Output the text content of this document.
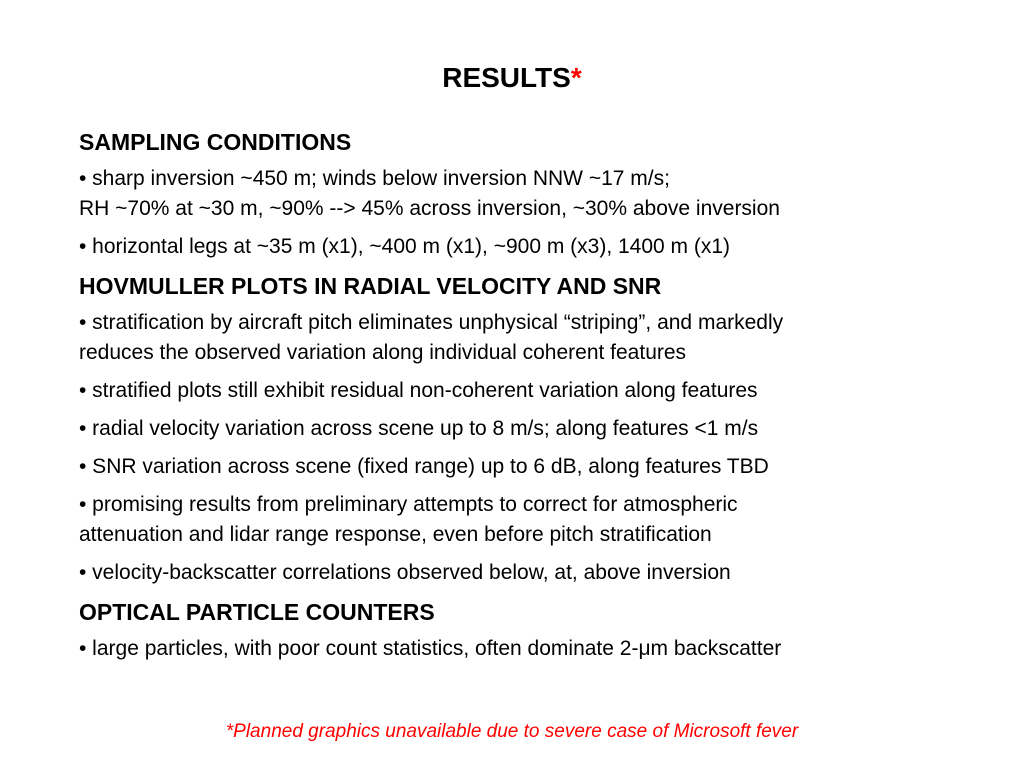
RESULTS*
SAMPLING CONDITIONS
• sharp inversion ~450 m; winds below inversion NNW ~17 m/s;
RH ~70% at ~30 m, ~90% --> 45% across inversion, ~30% above inversion
• horizontal legs at ~35 m (x1), ~400 m (x1), ~900 m (x3), 1400 m (x1)
HOVMULLER PLOTS IN RADIAL VELOCITY AND SNR
• stratification by aircraft pitch eliminates unphysical “striping”, and markedly
reduces the observed variation along individual coherent features
• stratified plots still exhibit residual non-coherent variation along features
• radial velocity variation across scene up to 8 m/s; along features <1 m/s
• SNR variation across scene (fixed range) up to 6 dB, along features TBD
• promising results from preliminary attempts to correct for atmospheric
attenuation and lidar range response, even before pitch stratification
• velocity-backscatter correlations observed below, at, above inversion
OPTICAL PARTICLE COUNTERS
• large particles, with poor count statistics, often dominate 2-μm backscatter
*Planned graphics unavailable due to severe case of Microsoft fever
